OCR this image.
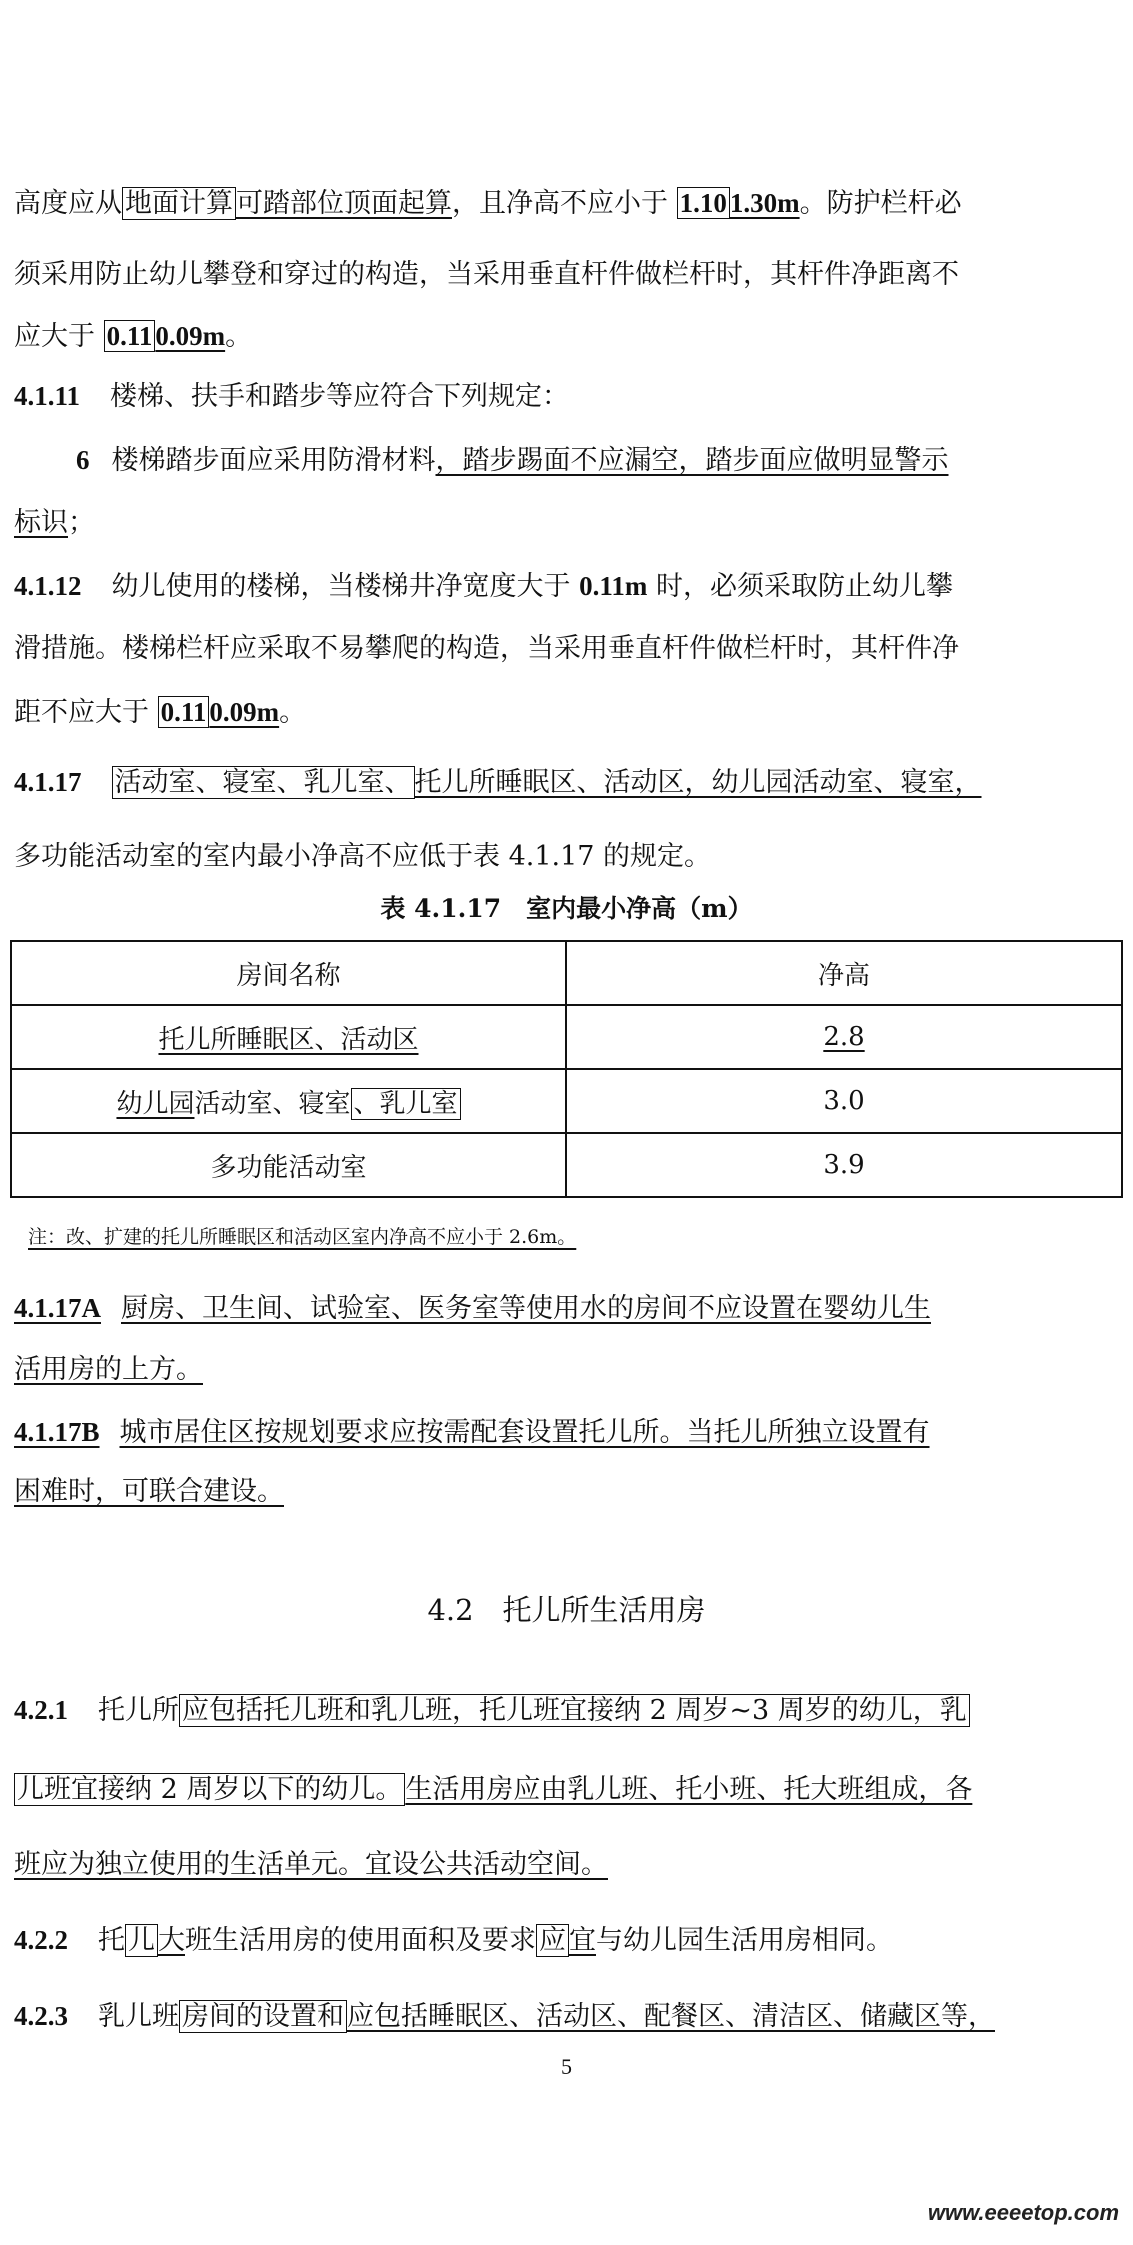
高度应从 地面计算 可踏部位顶面起算，且净高不应小于 1.10 1.30m。防护栏杆必
须采用防止幼儿攀登和穿过的构造，当采用垂直杆件做栏杆时，其杆件净距离不
应大于 0.11 0.09m。
4.1.11 楼梯、扶手和踏步等应符合下列规定：
6 楼梯踏步面应采用防滑材料，踏步踢面不应漏空，踏步面应做明显警示
标识；
4.1.12 幼儿使用的楼梯，当楼梯井净宽度大于 0.11m 时，必须采取防止幼儿攀
滑措施。楼梯栏杆应采取不易攀爬的构造，当采用垂直杆件做栏杆时，其杆件净
距不应大于 0.11 0.09m。
4.1.17 活动室、寝室、乳儿室、 托儿所睡眠区、活动区，幼儿园活动室、寝室，
多功能活动室的室内最小净高不应低于表 4.1.17 的规定。
表 4.1.17　室内最小净高（m）
房间名称	净高
托儿所睡眠区、活动区	2.8
幼儿园活动室、寝室 、乳儿室	3.0
多功能活动室	3.9
注：改、扩建的托儿所睡眠区和活动区室内净高不应小于 2.6m。
4.1.17A 厨房、卫生间、试验室、医务室等使用水的房间不应设置在婴幼儿生
活用房的上方。
4.1.17B 城市居住区按规划要求应按需配套设置托儿所。当托儿所独立设置有
困难时，可联合建设。
4.2　托儿所生活用房
4.2.1 托儿所 应包括托儿班和乳儿班，托儿班宜接纳 2 周岁~3 周岁的幼儿，乳
儿班宜接纳 2 周岁以下的幼儿。 生活用房应由乳儿班、托小班、托大班组成，各
班应为独立使用的生活单元。宜设公共活动空间。
4.2.2 托 儿 大班生活用房的使用面积及要求 应 宜与幼儿园生活用房相同。
4.2.3 乳儿班 房间的设置和 应包括睡眠区、活动区、配餐区、清洁区、储藏区等，
5
www.eeeetop.com
